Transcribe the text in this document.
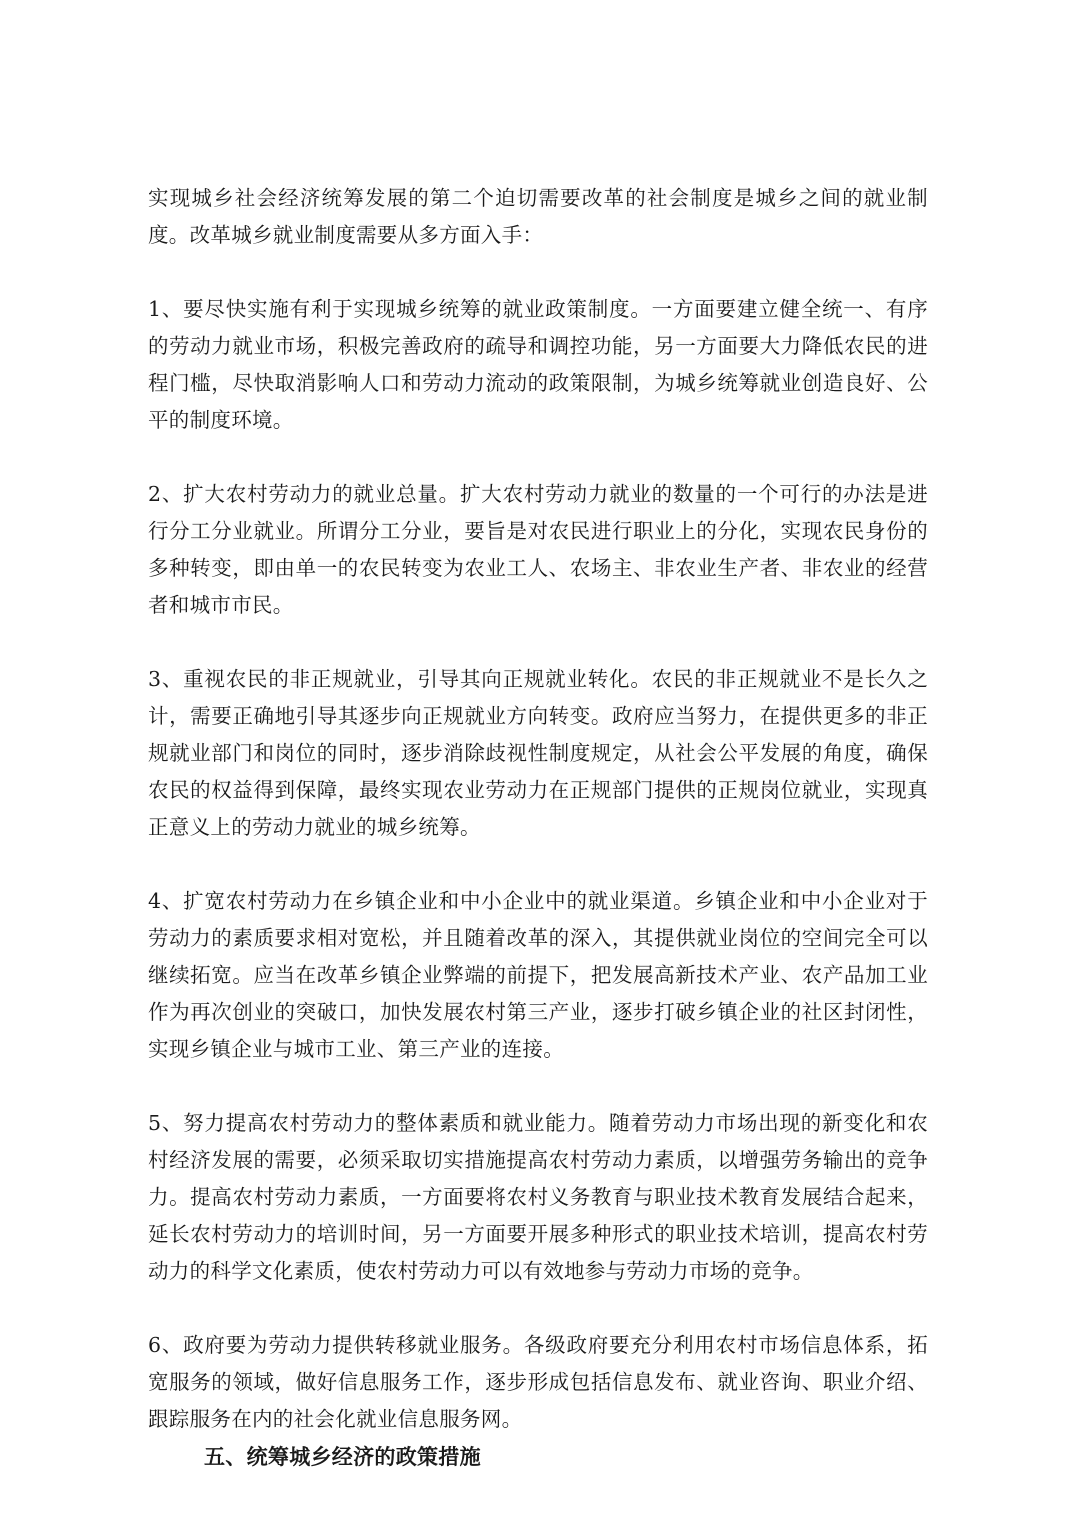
实现城乡社会经济统筹发展的第二个迫切需要改革的社会制度是城乡之间的就业制度。改革城乡就业制度需要从多方面入手：

1、要尽快实施有利于实现城乡统筹的就业政策制度。一方面要建立健全统一、有序的劳动力就业市场，积极完善政府的疏导和调控功能，另一方面要大力降低农民的进程门槛，尽快取消影响人口和劳动力流动的政策限制，为城乡统筹就业创造良好、公平的制度环境。

2、扩大农村劳动力的就业总量。扩大农村劳动力就业的数量的一个可行的办法是进行分工分业就业。所谓分工分业，要旨是对农民进行职业上的分化，实现农民身份的多种转变，即由单一的农民转变为农业工人、农场主、非农业生产者、非农业的经营者和城市市民。

3、重视农民的非正规就业，引导其向正规就业转化。农民的非正规就业不是长久之计，需要正确地引导其逐步向正规就业方向转变。政府应当努力，在提供更多的非正规就业部门和岗位的同时，逐步消除歧视性制度规定，从社会公平发展的角度，确保农民的权益得到保障，最终实现农业劳动力在正规部门提供的正规岗位就业，实现真正意义上的劳动力就业的城乡统筹。

4、扩宽农村劳动力在乡镇企业和中小企业中的就业渠道。乡镇企业和中小企业对于劳动力的素质要求相对宽松，并且随着改革的深入，其提供就业岗位的空间完全可以继续拓宽。应当在改革乡镇企业弊端的前提下，把发展高新技术产业、农产品加工业作为再次创业的突破口，加快发展农村第三产业，逐步打破乡镇企业的社区封闭性，实现乡镇企业与城市工业、第三产业的连接。

5、努力提高农村劳动力的整体素质和就业能力。随着劳动力市场出现的新变化和农村经济发展的需要，必须采取切实措施提高农村劳动力素质，以增强劳务输出的竞争力。提高农村劳动力素质，一方面要将农村义务教育与职业技术教育发展结合起来，延长农村劳动力的培训时间，另一方面要开展多种形式的职业技术培训，提高农村劳动力的科学文化素质，使农村劳动力可以有效地参与劳动力市场的竞争。

6、政府要为劳动力提供转移就业服务。各级政府要充分利用农村市场信息体系，拓宽服务的领域，做好信息服务工作，逐步形成包括信息发布、就业咨询、职业介绍、跟踪服务在内的社会化就业信息服务网。

五、统筹城乡经济的政策措施
